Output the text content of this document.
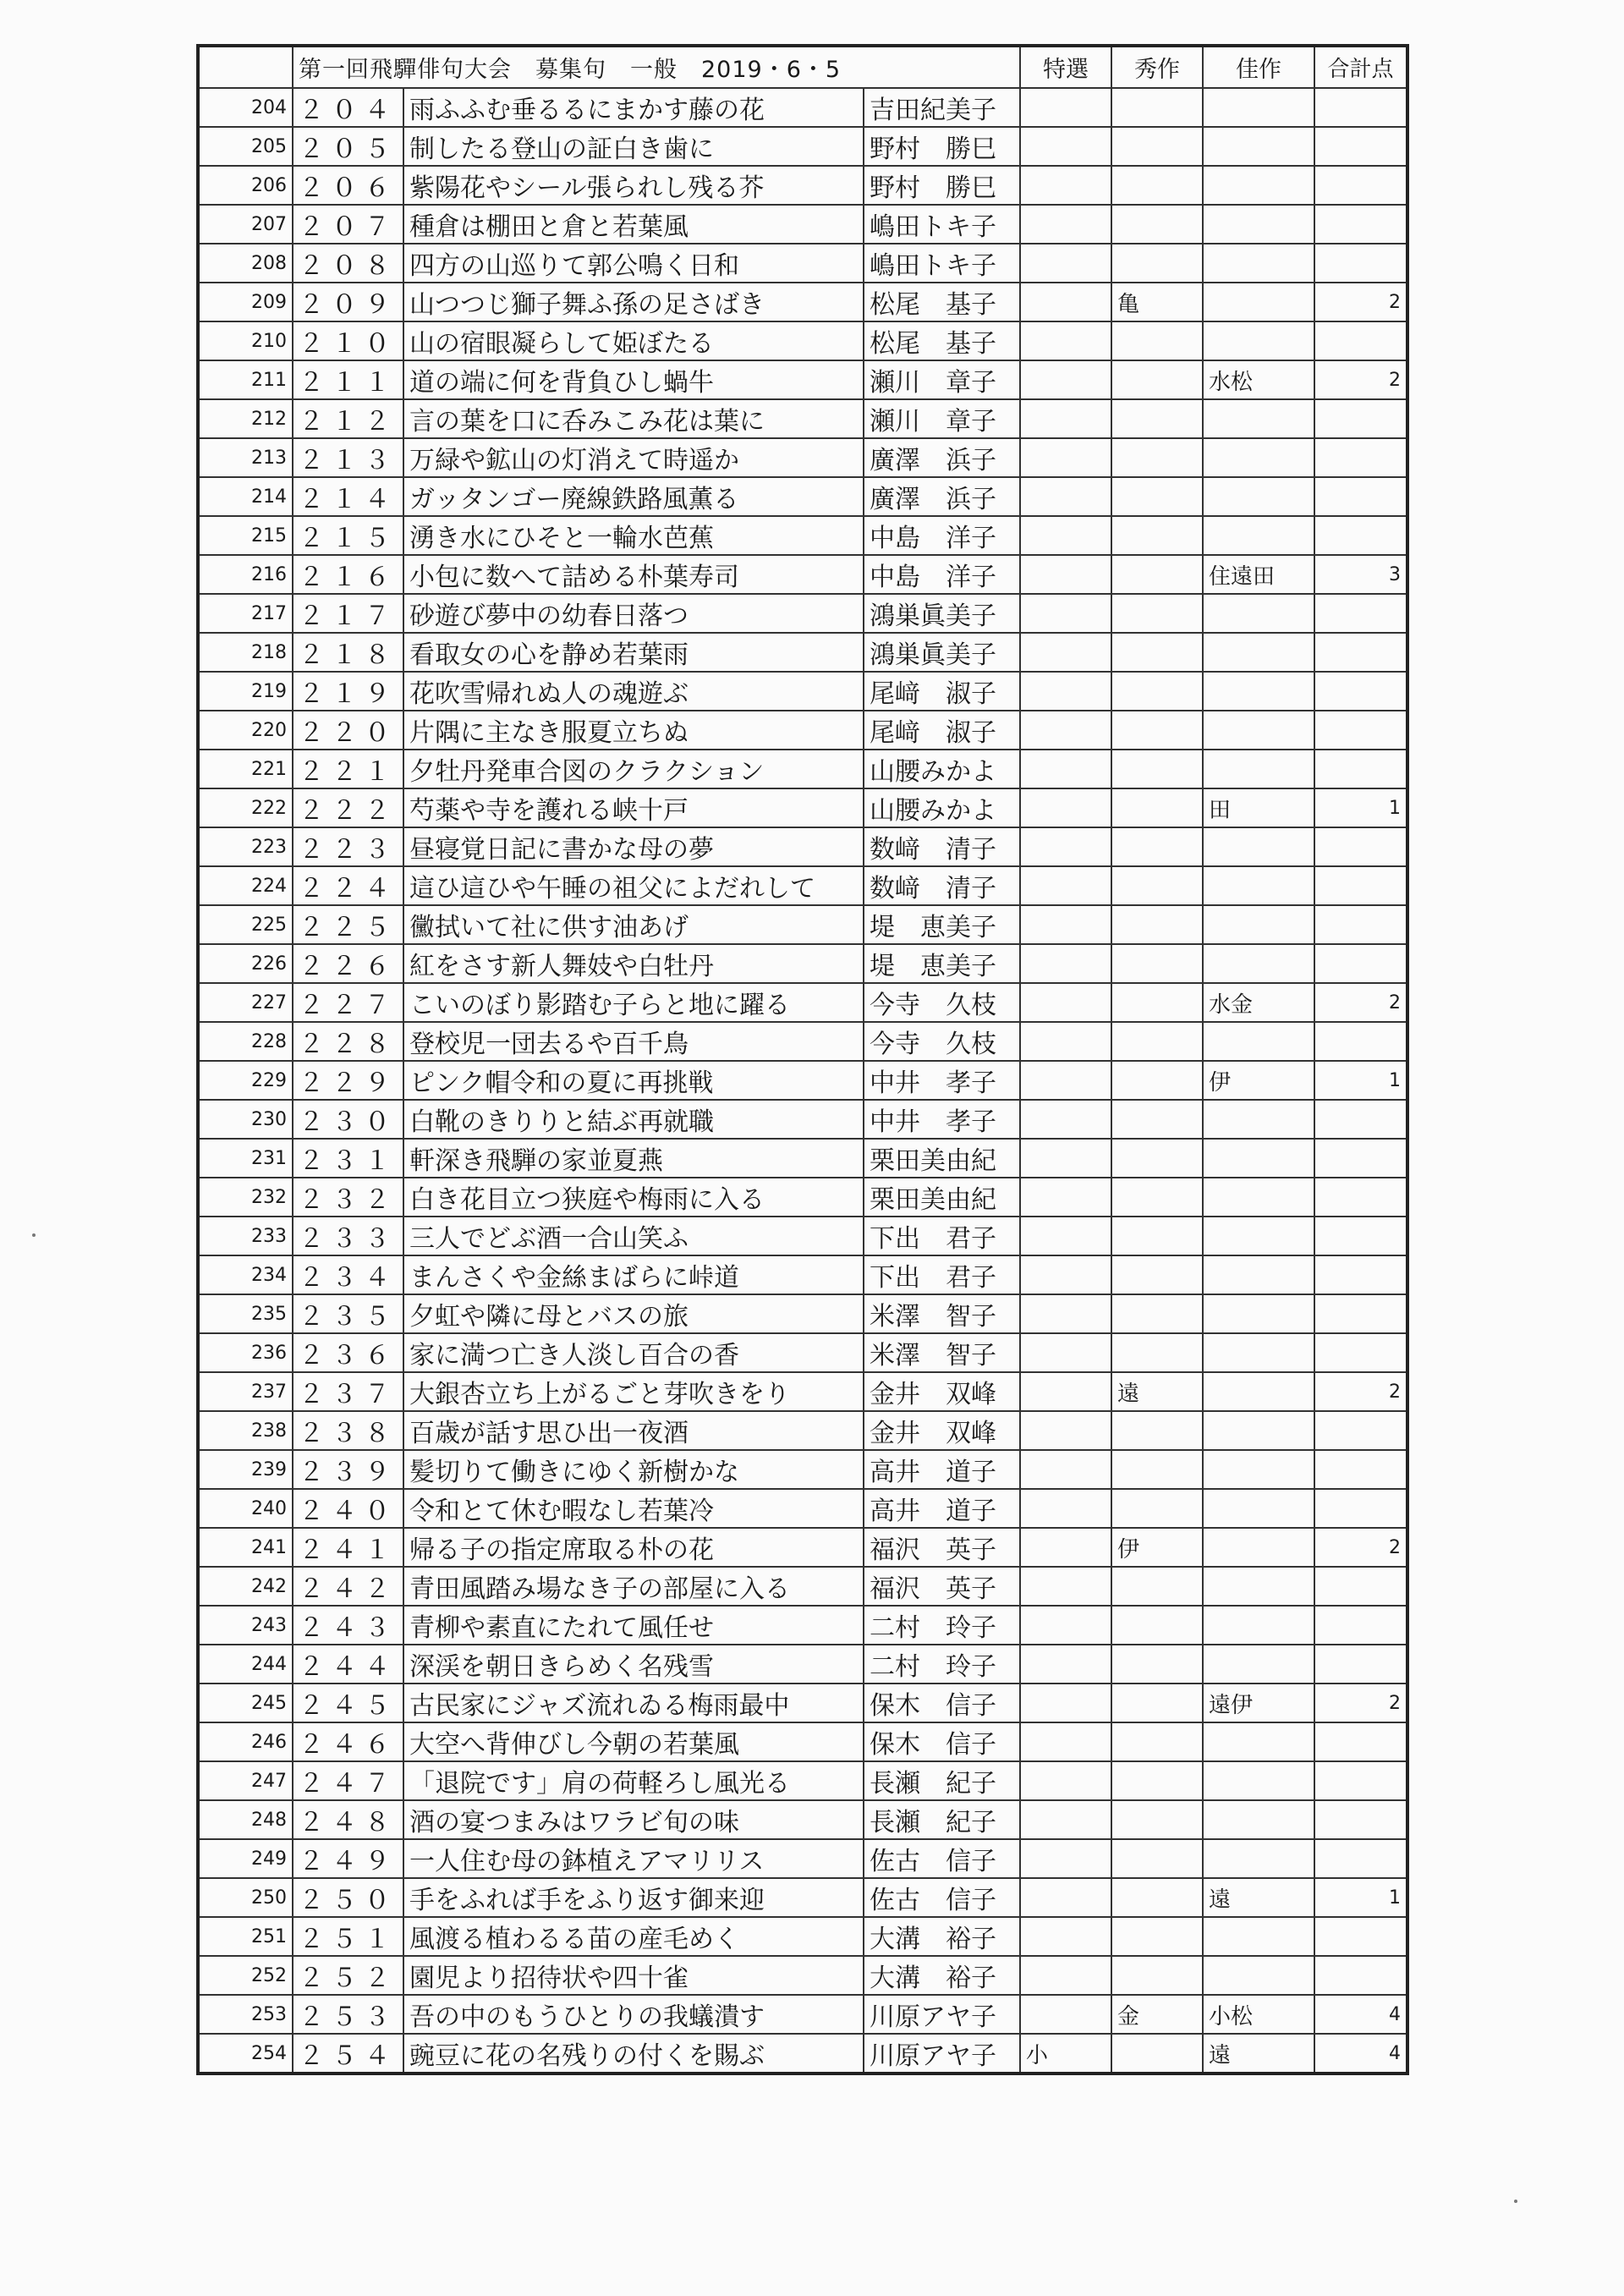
	第一回飛驒俳句大会　募集句　一般　2019・6・5			特選	秀作	佳作	合計点
204	２０４	雨ふふむ垂るるにまかす藤の花	吉田紀美子				
205	２０５	制したる登山の証白き歯に	野村　勝巳				
206	２０６	紫陽花やシール張られし残る芥	野村　勝巳				
207	２０７	種倉は棚田と倉と若葉風	嶋田トキ子				
208	２０８	四方の山巡りて郭公鳴く日和	嶋田トキ子				
209	２０９	山つつじ獅子舞ふ孫の足さばき	松尾　基子		亀		2
210	２１０	山の宿眼凝らして姫ぼたる	松尾　基子				
211	２１１	道の端に何を背負ひし蝸牛	瀬川　章子			水松	2
212	２１２	言の葉を口に呑みこみ花は葉に	瀬川　章子				
213	２１３	万緑や鉱山の灯消えて時遥か	廣澤　浜子				
214	２１４	ガッタンゴー廃線鉄路風薫る	廣澤　浜子				
215	２１５	湧き水にひそと一輪水芭蕉	中島　洋子				
216	２１６	小包に数へて詰める朴葉寿司	中島　洋子			住遠田	3
217	２１７	砂遊び夢中の幼春日落つ	鴻巣眞美子				
218	２１８	看取女の心を静め若葉雨	鴻巣眞美子				
219	２１９	花吹雪帰れぬ人の魂遊ぶ	尾﨑　淑子				
220	２２０	片隅に主なき服夏立ちぬ	尾﨑　淑子				
221	２２１	夕牡丹発車合図のクラクション	山腰みかよ				
222	２２２	芍薬や寺を護れる峡十戸	山腰みかよ			田	1
223	２２３	昼寝覚日記に書かな母の夢	数﨑　清子				
224	２２４	這ひ這ひや午睡の祖父によだれして	数﨑　清子				
225	２２５	黴拭いて社に供す油あげ	堤　恵美子				
226	２２６	紅をさす新人舞妓や白牡丹	堤　恵美子				
227	２２７	こいのぼり影踏む子らと地に躍る	今寺　久枝			水金	2
228	２２８	登校児一団去るや百千鳥	今寺　久枝				
229	２２９	ピンク帽令和の夏に再挑戦	中井　孝子			伊	1
230	２３０	白靴のきりりと結ぶ再就職	中井　孝子				
231	２３１	軒深き飛騨の家並夏燕	栗田美由紀				
232	２３２	白き花目立つ狭庭や梅雨に入る	栗田美由紀				
233	２３３	三人でどぶ酒一合山笑ふ	下出　君子				
234	２３４	まんさくや金絲まばらに峠道	下出　君子				
235	２３５	夕虹や隣に母とバスの旅	米澤　智子				
236	２３６	家に満つ亡き人淡し百合の香	米澤　智子				
237	２３７	大銀杏立ち上がるごと芽吹きをり	金井　双峰		遠		2
238	２３８	百歳が話す思ひ出一夜酒	金井　双峰				
239	２３９	髪切りて働きにゆく新樹かな	高井　道子				
240	２４０	令和とて休む暇なし若葉冷	高井　道子				
241	２４１	帰る子の指定席取る朴の花	福沢　英子		伊		2
242	２４２	青田風踏み場なき子の部屋に入る	福沢　英子				
243	２４３	青柳や素直にたれて風任せ	二村　玲子				
244	２４４	深渓を朝日きらめく名残雪	二村　玲子				
245	２４５	古民家にジャズ流れゐる梅雨最中	保木　信子			遠伊	2
246	２４６	大空へ背伸びし今朝の若葉風	保木　信子				
247	２４７	「退院です」肩の荷軽ろし風光る	長瀬　紀子				
248	２４８	酒の宴つまみはワラビ旬の味	長瀬　紀子				
249	２４９	一人住む母の鉢植えアマリリス	佐古　信子				
250	２５０	手をふれば手をふり返す御来迎	佐古　信子			遠	1
251	２５１	風渡る植わるる苗の産毛めく	大溝　裕子				
252	２５２	園児より招待状や四十雀	大溝　裕子				
253	２５３	吾の中のもうひとりの我蟻潰す	川原アヤ子		金	小松	4
254	２５４	豌豆に花の名残りの付くを賜ぶ	川原アヤ子	小		遠	4
